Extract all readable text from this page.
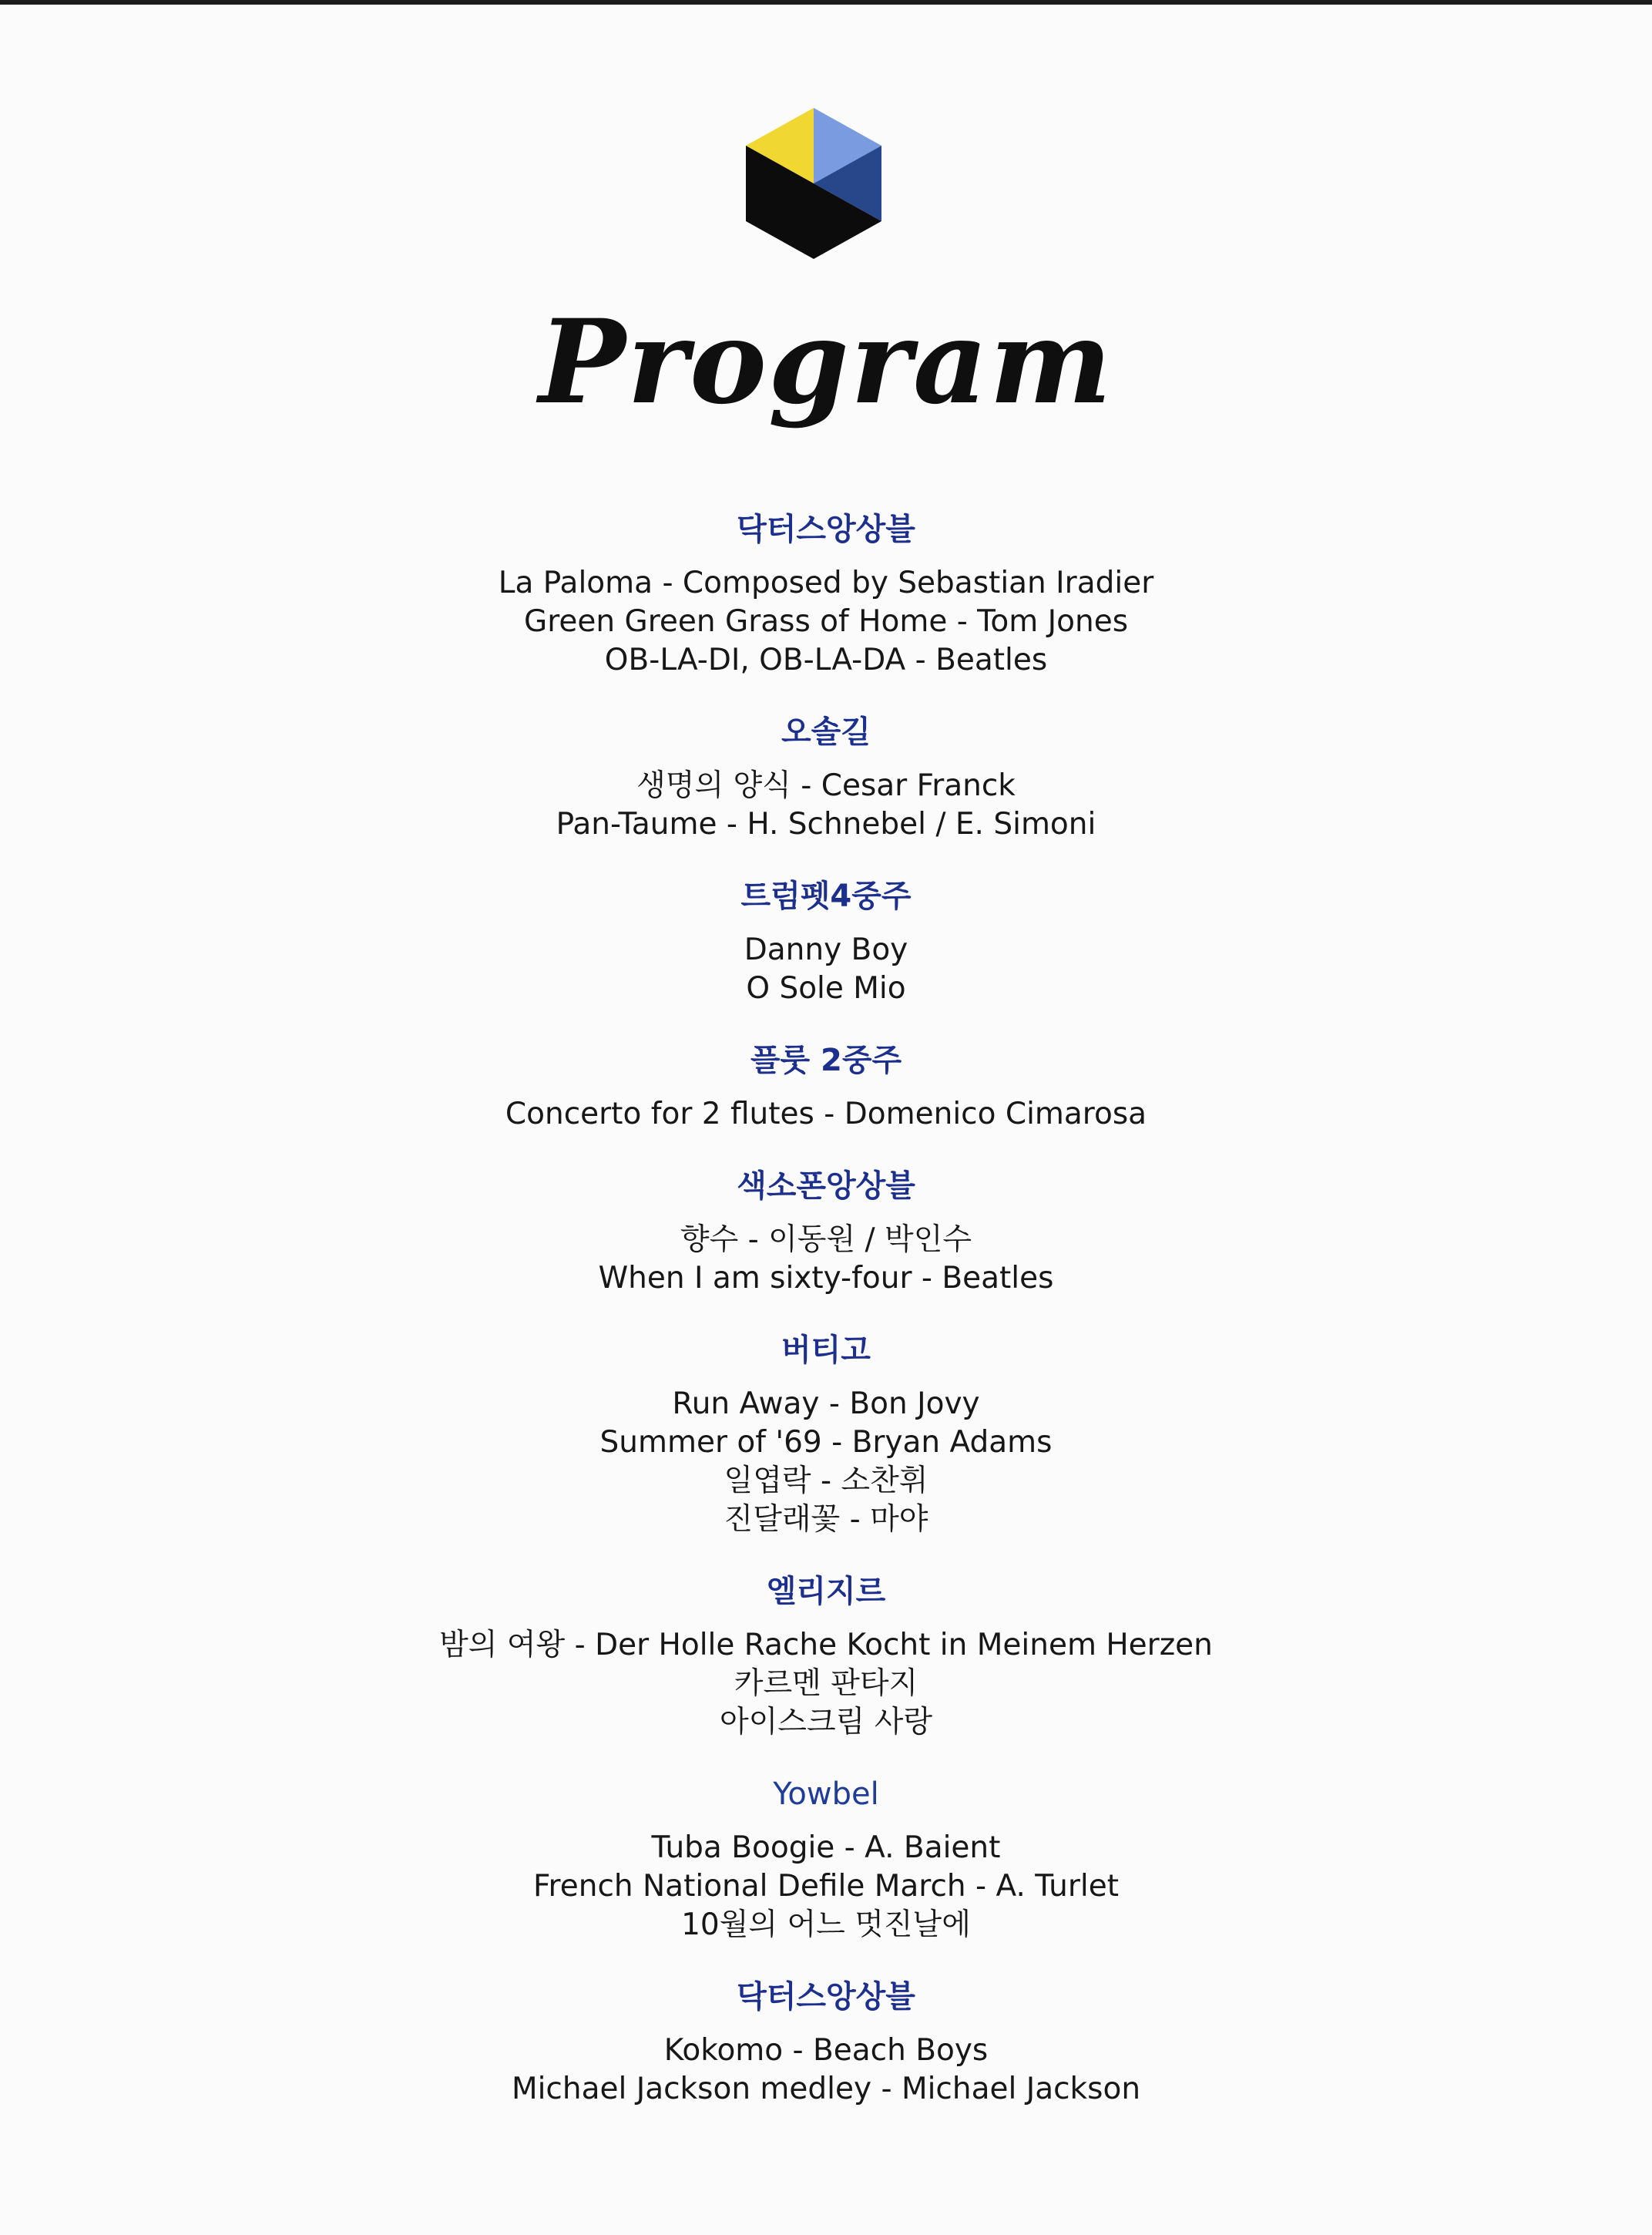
Program
닥터스앙상블
La Paloma - Composed by Sebastian Iradier
Green Green Grass of Home - Tom Jones
OB-LA-DI, OB-LA-DA - Beatles
오솔길
생명의 양식 - Cesar Franck
Pan-Taume - H. Schnebel / E. Simoni
트럼펫4중주
Danny Boy
O Sole Mio
플룻 2중주
Concerto for 2 flutes - Domenico Cimarosa
색소폰앙상블
향수 - 이동원 / 박인수
When I am sixty-four - Beatles
버티고
Run Away - Bon Jovy
Summer of '69 - Bryan Adams
일엽락 - 소찬휘
진달래꽃 - 마야
엘리지르
밤의 여왕 - Der Holle Rache Kocht in Meinem Herzen
카르멘 판타지
아이스크림 사랑
Yowbel
Tuba Boogie - A. Baient
French National Defile March - A. Turlet
10월의 어느 멋진날에
닥터스앙상블
Kokomo - Beach Boys
Michael Jackson medley - Michael Jackson
